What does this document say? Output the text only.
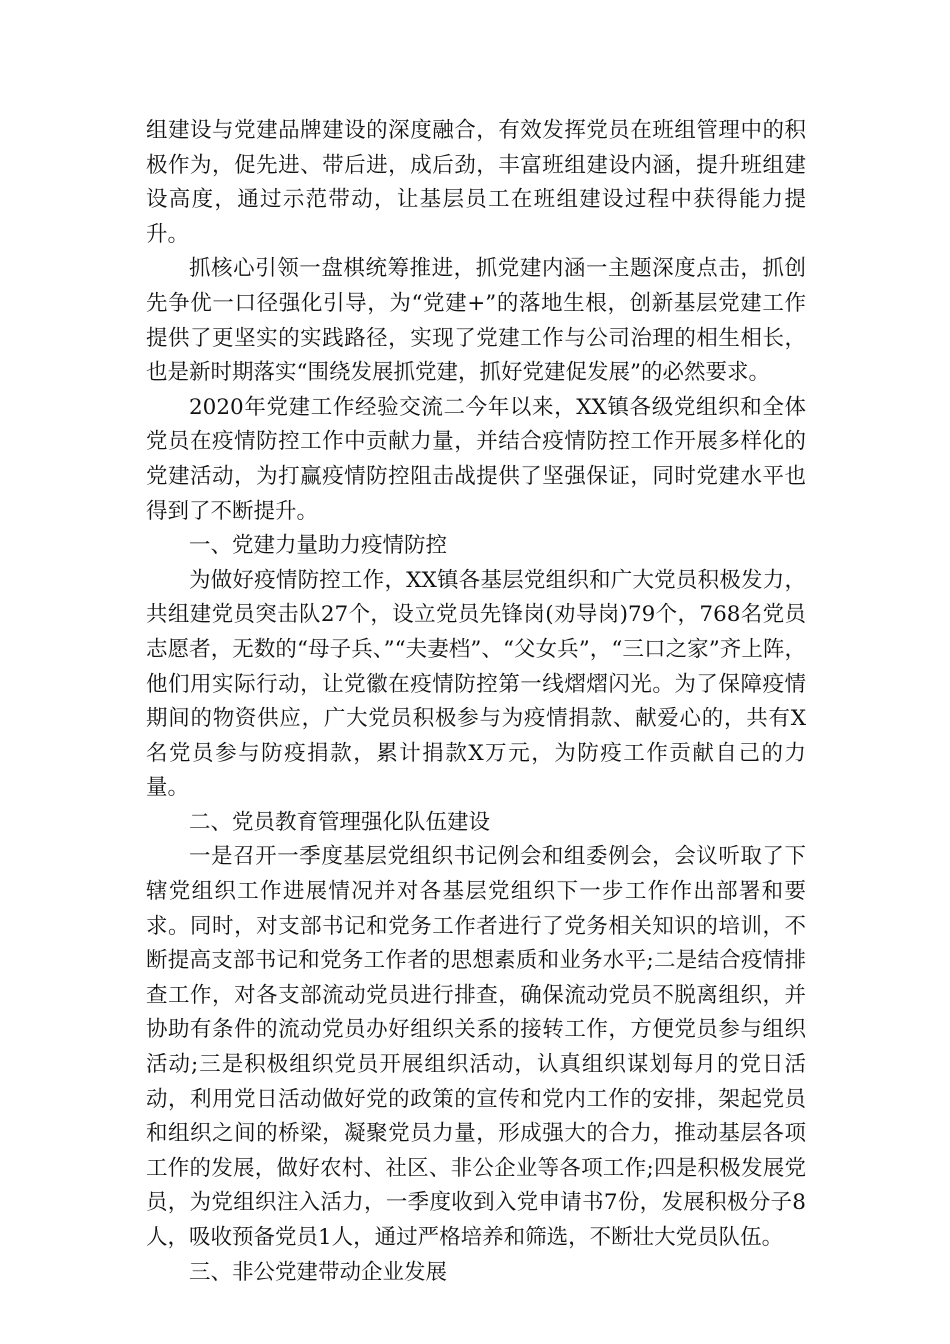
组建设与党建品牌建设的深度融合，有效发挥党员在班组管理中的积极作为，促先进、带后进，成后劲，丰富班组建设内涵，提升班组建设高度，通过示范带动，让基层员工在班组建设过程中获得能力提升。

抓核心引领一盘棋统筹推进，抓党建内涵一主题深度点击，抓创先争优一口径强化引导，为“党建+”的落地生根，创新基层党建工作提供了更坚实的实践路径，实现了党建工作与公司治理的相生相长，也是新时期落实“围绕发展抓党建，抓好党建促发展”的必然要求。

2020年党建工作经验交流二今年以来，XX镇各级党组织和全体党员在疫情防控工作中贡献力量，并结合疫情防控工作开展多样化的党建活动，为打赢疫情防控阻击战提供了坚强保证，同时党建水平也得到了不断提升。

一、党建力量助力疫情防控

为做好疫情防控工作，XX镇各基层党组织和广大党员积极发力，共组建党员突击队27个，设立党员先锋岗(劝导岗)79个，768名党员志愿者，无数的“母子兵、”“夫妻档”、“父女兵”，“三口之家”齐上阵，他们用实际行动，让党徽在疫情防控第一线熠熠闪光。为了保障疫情期间的物资供应，广大党员积极参与为疫情捐款、献爱心的，共有X名党员参与防疫捐款，累计捐款X万元，为防疫工作贡献自己的力量。

二、党员教育管理强化队伍建设

一是召开一季度基层党组织书记例会和组委例会，会议听取了下辖党组织工作进展情况并对各基层党组织下一步工作作出部署和要求。同时，对支部书记和党务工作者进行了党务相关知识的培训，不断提高支部书记和党务工作者的思想素质和业务水平;二是结合疫情排查工作，对各支部流动党员进行排查，确保流动党员不脱离组织，并协助有条件的流动党员办好组织关系的接转工作，方便党员参与组织活动;三是积极组织党员开展组织活动，认真组织谋划每月的党日活动，利用党日活动做好党的政策的宣传和党内工作的安排，架起党员和组织之间的桥梁，凝聚党员力量，形成强大的合力，推动基层各项工作的发展，做好农村、社区、非公企业等各项工作;四是积极发展党员，为党组织注入活力，一季度收到入党申请书7份，发展积极分子8人，吸收预备党员1人，通过严格培养和筛选，不断壮大党员队伍。

三、非公党建带动企业发展
